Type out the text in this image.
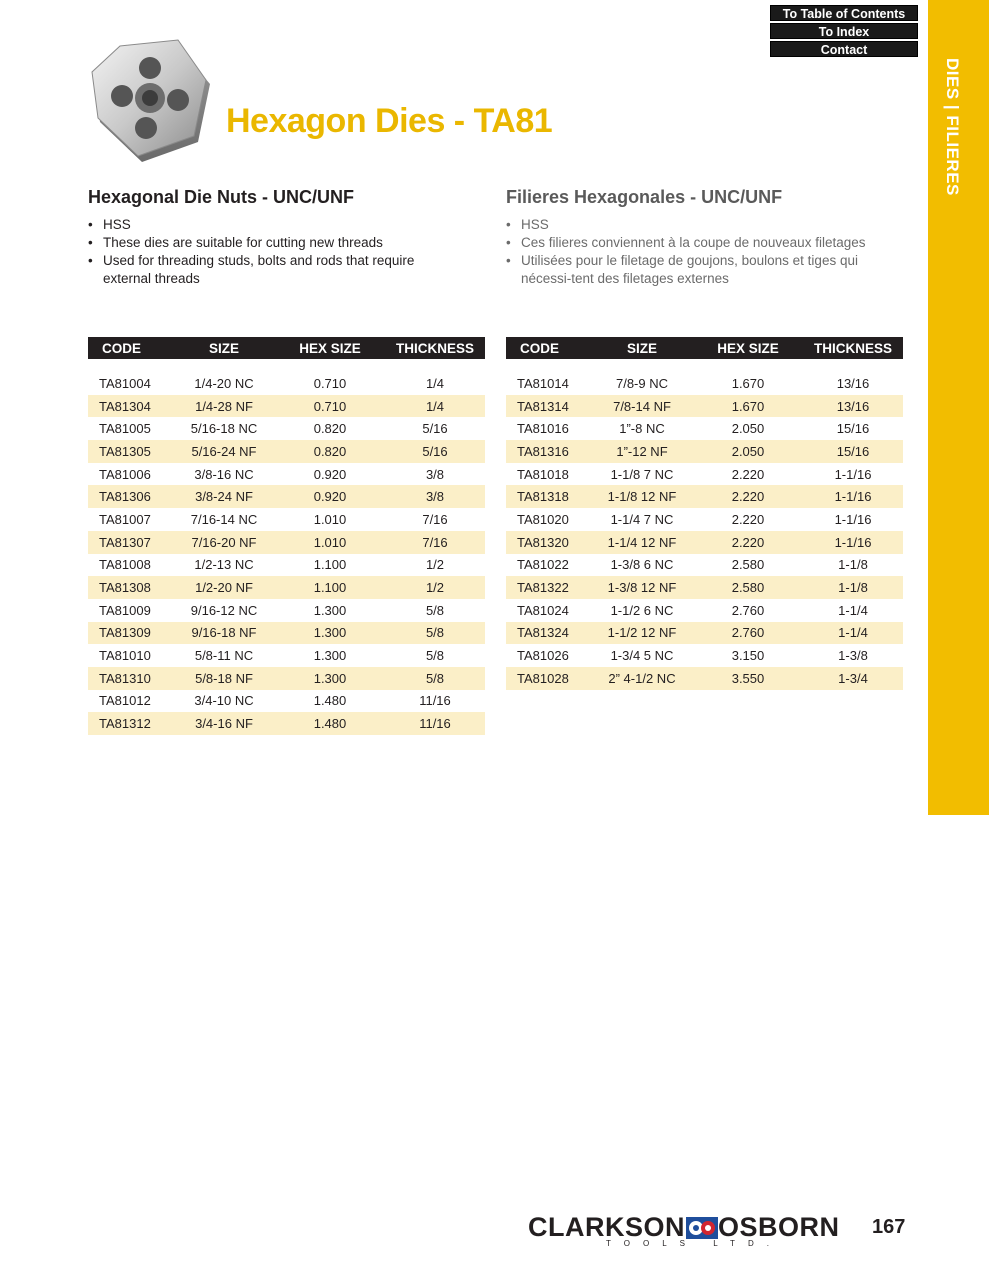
To Table of Contents
To Index
Contact
DIES | FILIERES
Hexagon Dies - TA81
Hexagonal Die Nuts - UNC/UNF
• HSS
• These dies are suitable for cutting new threads
• Used for threading studs, bolts and rods that require external threads
Filieres Hexagonales - UNC/UNF
• HSS
• Ces filieres conviennent à la coupe de nouveaux filetages
• Utilisées pour le filetage de goujons, boulons et tiges qui nécessi-tent des filetages externes
CODE	SIZE	HEX SIZE	THICKNESS

TA81004	1/4-20 NC	0.710	1/4
TA81304	1/4-28 NF	0.710	1/4
TA81005	5/16-18 NC	0.820	5/16
TA81305	5/16-24 NF	0.820	5/16
TA81006	3/8-16 NC	0.920	3/8
TA81306	3/8-24 NF	0.920	3/8
TA81007	7/16-14 NC	1.010	7/16
TA81307	7/16-20 NF	1.010	7/16
TA81008	1/2-13 NC	1.100	1/2
TA81308	1/2-20 NF	1.100	1/2
TA81009	9/16-12 NC	1.300	5/8
TA81309	9/16-18 NF	1.300	5/8
TA81010	5/8-11 NC	1.300	5/8
TA81310	5/8-18 NF	1.300	5/8
TA81012	3/4-10 NC	1.480	11/16
TA81312	3/4-16 NF	1.480	11/16
CODE	SIZE	HEX SIZE	THICKNESS

TA81014	7/8-9 NC	1.670	13/16
TA81314	7/8-14 NF	1.670	13/16
TA81016	1”-8 NC	2.050	15/16
TA81316	1”-12 NF	2.050	15/16
TA81018	1-1/8 7 NC	2.220	1-1/16
TA81318	1-1/8 12 NF	2.220	1-1/16
TA81020	1-1/4 7 NC	2.220	1-1/16
TA81320	1-1/4 12 NF	2.220	1-1/16
TA81022	1-3/8 6 NC	2.580	1-1/8
TA81322	1-3/8 12 NF	2.580	1-1/8
TA81024	1-1/2 6 NC	2.760	1-1/4
TA81324	1-1/2 12 NF	2.760	1-1/4
TA81026	1-3/4 5 NC	3.150	1-3/8
TA81028	2” 4-1/2 NC	3.550	1-3/4
CLARKSON OSBORN
TOOLS LTD.
167
